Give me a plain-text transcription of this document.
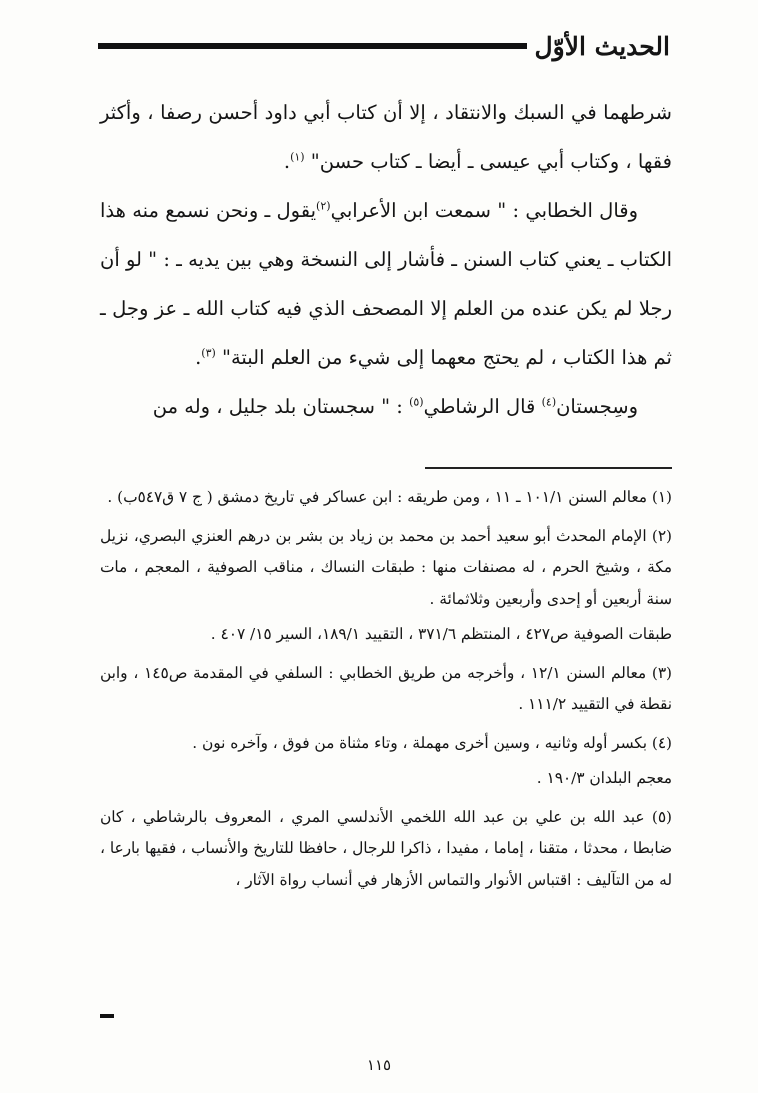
الحديث الأوّل

شرطهما في السبك والانتقاد ، إلا أن كتاب أبي داود أحسن رصفا ، وأكثر فقها ، وكتاب أبي عيسى ـ أيضا ـ كتاب حسن" $^{(١)}$.

وقال الخطابي : " سمعت ابن الأعرابي$^{(٢)}$يقول ـ ونحن نسمع منه هذا الكتاب ـ يعني كتاب السنن ـ فأشار إلى النسخة وهي بين يديه ـ : " لو أن رجلا لم يكن عنده من العلم إلا المصحف الذي فيه كتاب الله ـ عز وجل ـ ثم هذا الكتاب ، لم يحتج معهما إلى شيء من العلم البتة" $^{(٣)}$.

وسِجستان$^{(٤)}$ قال الرشاطي$^{(٥)}$ : " سجستان بلد جليل ، وله من

(١) معالم السنن ١٠١/١ ـ ١١ ، ومن طريقه : ابن عساكر في تاريخ دمشق ( ج ٧ ق٥٤٧ب) .

(٢) الإمام المحدث أبو سعيد أحمد بن محمد بن زياد بن بشر بن درهم العنزي البصري، نزيل مكة ، وشيخ الحرم ، له مصنفات منها : طبقات النساك ، مناقب الصوفية ، المعجم ، مات سنة أربعين أو إحدى وأربعين وثلاثمائة .

طبقات الصوفية ص٤٢٧ ، المنتظم ٣٧١/٦ ، التقييد ١٨٩/١، السير ١٥/ ٤٠٧ .

(٣) معالم السنن ١٢/١ ، وأخرجه من طريق الخطابي : السلفي في المقدمة ص١٤٥ ، وابن نقطة في التقييد ١١١/٢ .

(٤) بكسر أوله وثانيه ، وسين أخرى مهملة ، وتاء مثناة من فوق ، وآخره نون .

معجم البلدان ١٩٠/٣ .

(٥) عبد الله بن علي بن عبد الله اللخمي الأندلسي المري ، المعروف بالرشاطي ، كان ضابطا ، محدثا ، متقنا ، إماما ، مفيدا ، ذاكرا للرجال ، حافظا للتاريخ والأنساب ، فقيها بارعا ، له من التآليف : اقتباس الأنوار والتماس الأزهار في أنساب رواة الآثار ،

١١٥
